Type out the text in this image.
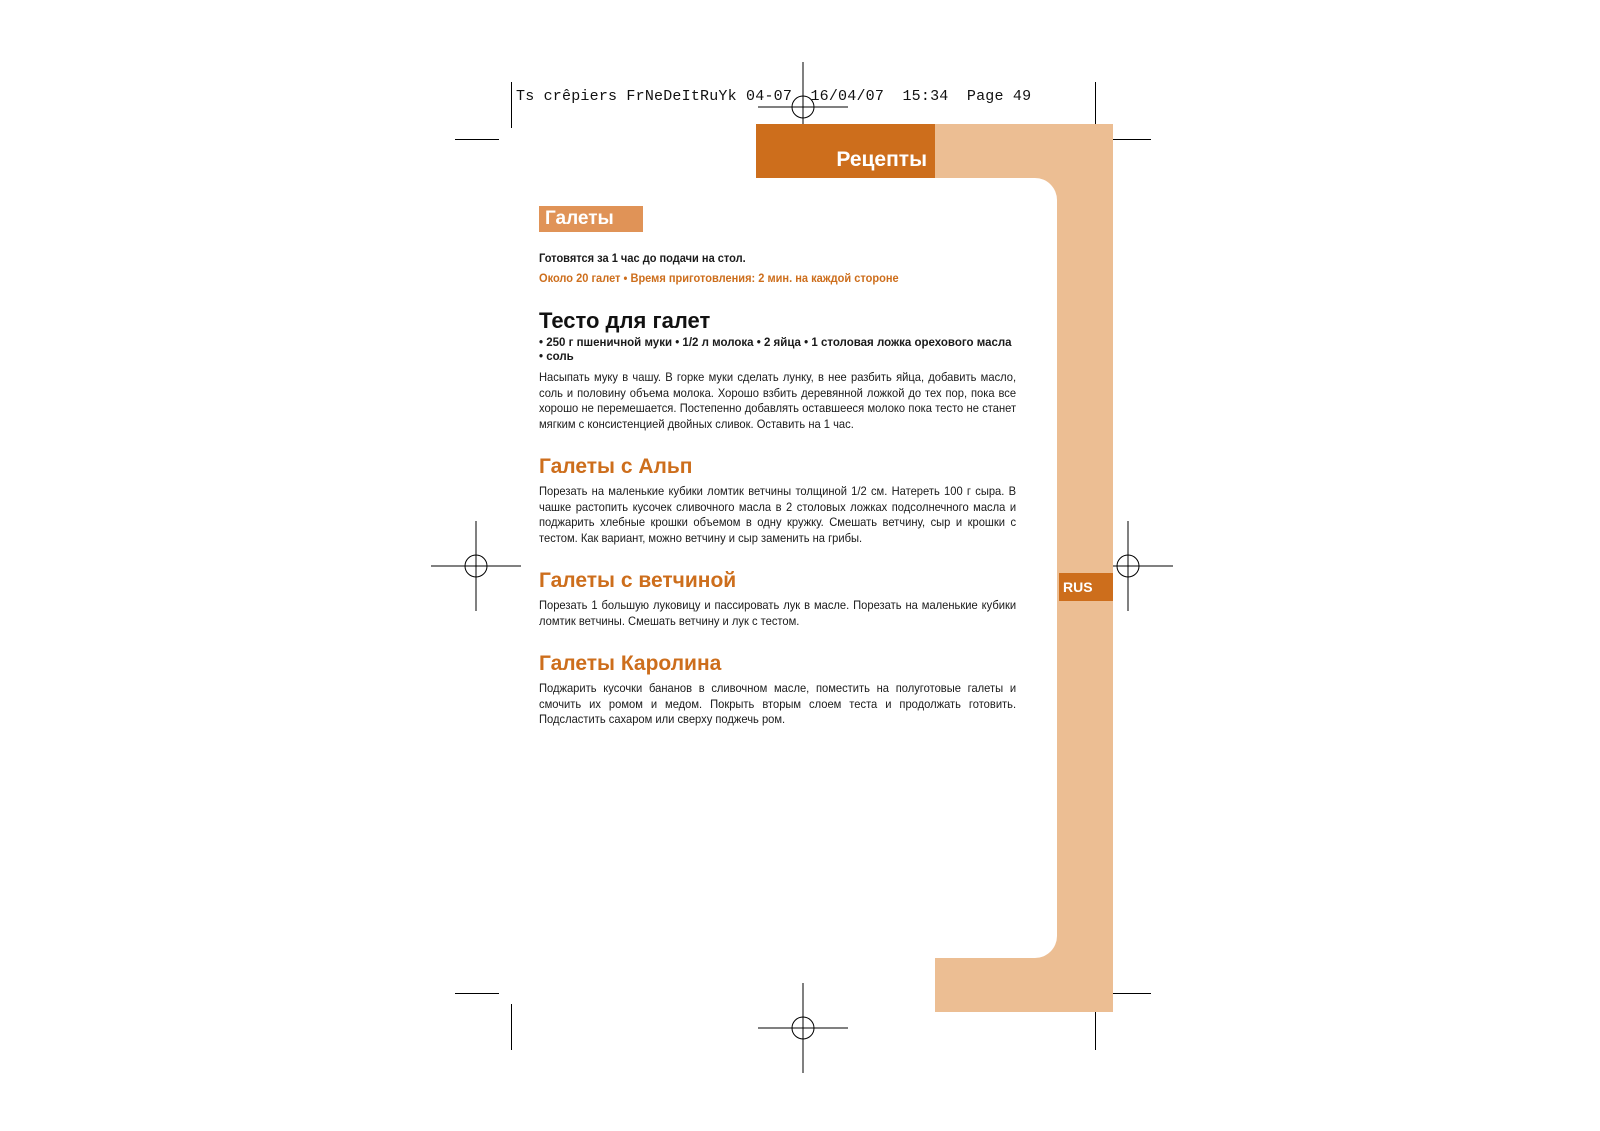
Ts crêpiers FrNeDeItRuYk 04-07  16/04/07  15:34  Page 49
Рецепты
RUS
Галеты

Готовятся за 1 час до подачи на стол.

Около 20 галет • Время приготовления: 2 мин. на каждой стороне

Тесто для галет

• 250 г пшеничной муки • 1/2 л молока • 2 яйца • 1 столовая ложка орехового масла • соль

Насыпать муку в чашу. В горке муки сделать лунку, в нее разбить яйца, добавить масло, соль и половину объема молока. Хорошо взбить деревянной ложкой до тех пор, пока все хорошо не перемешается. Постепенно добавлять оставшееся молоко пока тесто не станет мягким с консистенцией двойных сливок. Оставить на 1 час.

Галеты с Альп

Порезать на маленькие кубики ломтик ветчины толщиной 1/2 см. Натереть 100 г сыра. В чашке растопить кусочек сливочного масла в 2 столовых ложках подсолнечного масла и поджарить хлебные крошки объемом в одну кружку. Смешать ветчину, сыр и крошки с тестом. Как вариант, можно ветчину и сыр заменить на грибы.

Галеты с ветчиной

Порезать 1 большую луковицу и пассировать лук в масле. Порезать на маленькие кубики ломтик ветчины. Смешать ветчину и лук с тестом.

Галеты Каролина

Поджарить кусочки бананов в сливочном масле, поместить на полуготовые галеты и смочить их ромом и медом. Покрыть вторым слоем теста и продолжать готовить. Подсластить сахаром или сверху поджечь ром.
